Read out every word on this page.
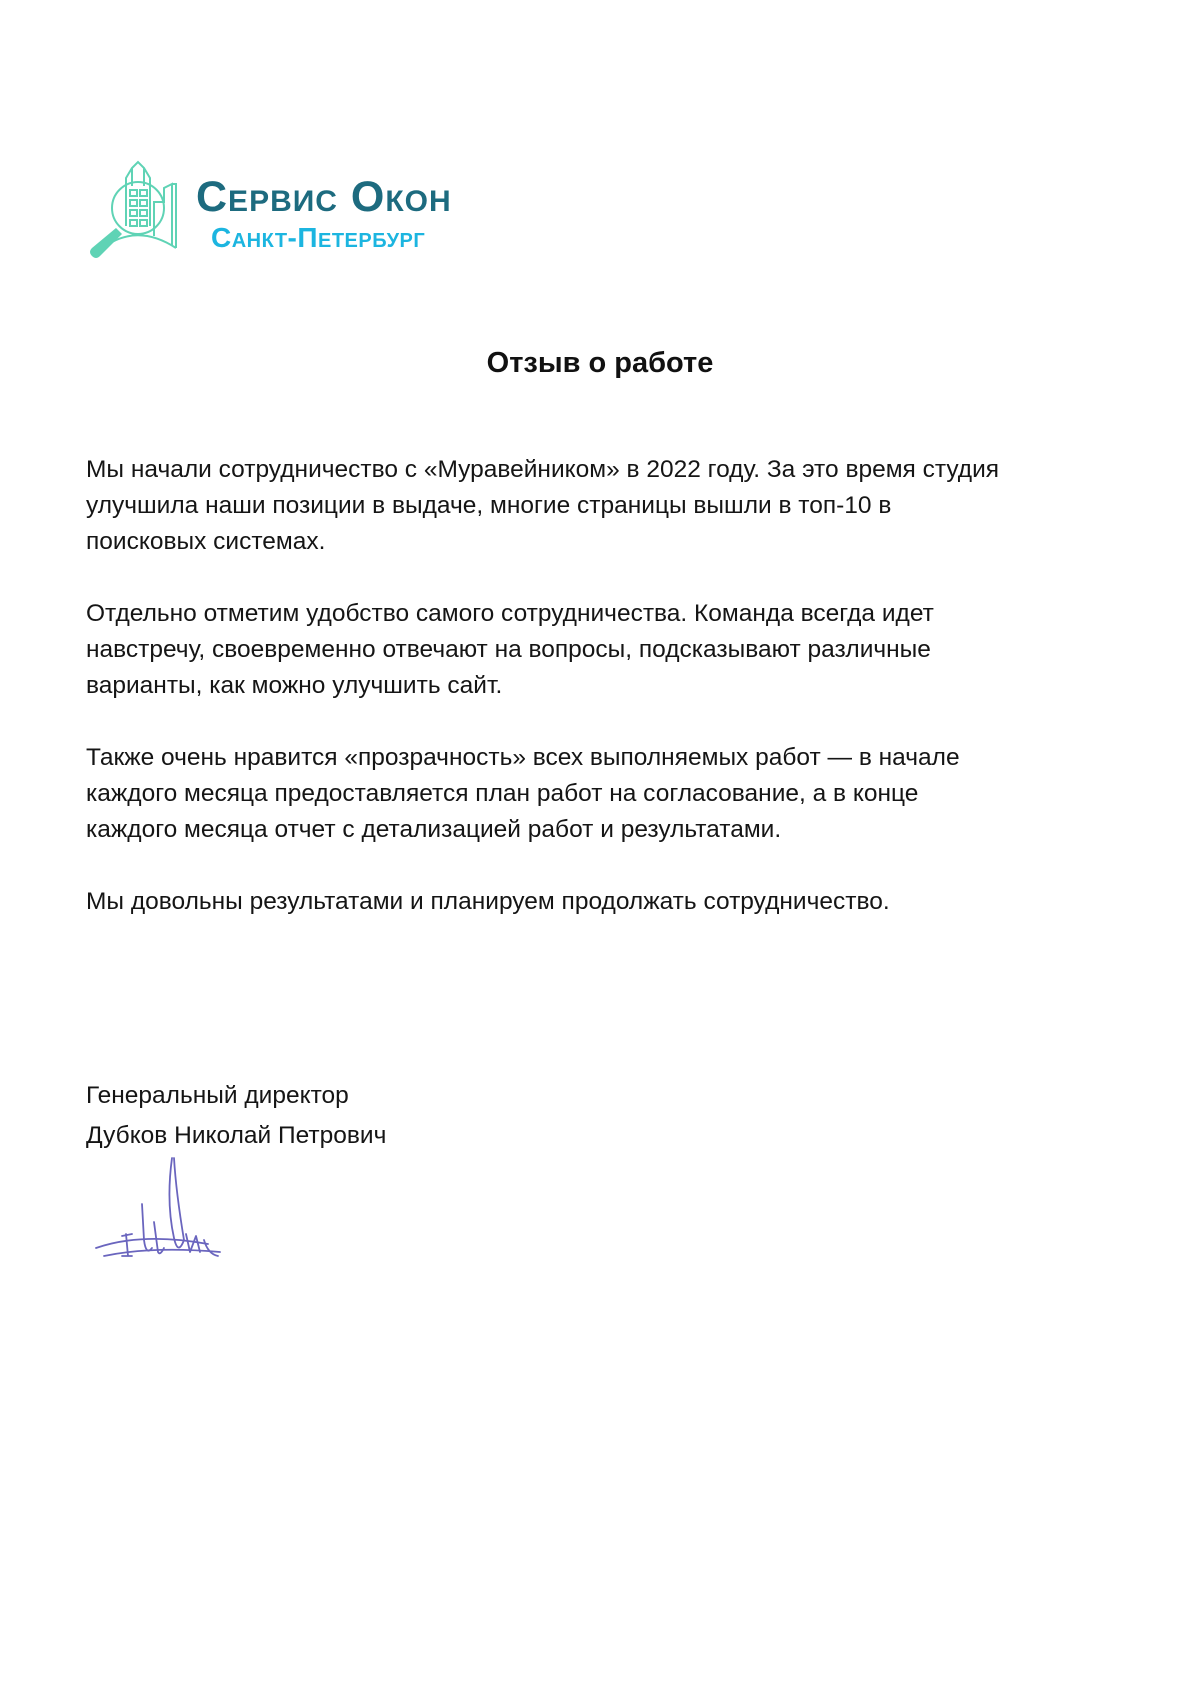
Сервис Окон
Санкт-Петербург
Отзыв о работе

Мы начали сотрудничество с «Муравейником» в 2022 году. За это время студия
улучшила наши позиции в выдаче, многие страницы вышли в топ-10 в
поисковых системах.

Отдельно отметим удобство самого сотрудничества. Команда всегда идет
навстречу, своевременно отвечают на вопросы, подсказывают различные
варианты, как можно улучшить сайт.

Также очень нравится «прозрачность» всех выполняемых работ — в начале
каждого месяца предоставляется план работ на согласование, а в конце
каждого месяца отчет с детализацией работ и результатами.

Мы довольны результатами и планируем продолжать сотрудничество.

Генеральный директор
Дубков Николай Петрович
